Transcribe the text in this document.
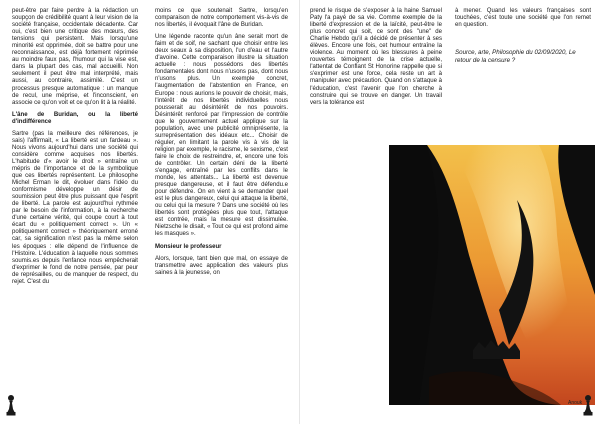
peut-être par faire perdre à la rédaction un soupçon de crédibilité quant à leur vision de la société française, occidentale décadente. Car oui, c'est bien une critique des mœurs, des tensions qui persistent. Mais lorsqu'une minorité est opprimée, doit se battre pour une reconnaissance, est déjà fortement réprimée au moindre faux pas, l'humour qui la vise est, dans la plupart des cas, mal accueilli. Non seulement il peut être mal interprété, mais aussi, au contraire, assimilé. C'est un processus presque automatique : un manque de recul, une méprise, et l'inconscient, en associe ce qu'on voit et ce qu'on lit à la réalité.

L'âne de Buridan, ou la liberté d'indifférence

Sartre (pas la meilleure des références, je sais) l'affirmait, « La liberté est un fardeau ». Nous vivons aujourd'hui dans une société qui considère comme acquises nos libertés. L'habitude d'« avoir le droit » entraîne un mépris de l'importance et de la symbolique que ces libertés représentent. Le philosophe Michel Erman le dit, évoluer dans l'idéo du conformisme développe un désir de soumission peut être plus puissant que l'esprit de liberté. La parole est aujourd'hui rythmée par le besoin de l'information, à la recherche d'une certaine vérité, qui coupe court à tout écart du « politiquement correct ». Un « politiquement correct » théoriquement erroné car, sa signification n'est pas la même selon les époques : elle dépend de l'influence de l'Histoire. L'éducation à laquelle nous sommes soumis.es depuis l'enfance nous empêcherait d'exprimer le fond de notre pensée, par peur de représailles, ou de manquer de respect, du rejet. C'est du

moins ce que soutenait Sartre, lorsqu'en comparaison de notre comportement vis-à-vis de nos libertés, il évoquait l'âne de Buridan.

Une légende raconte qu'un âne serait mort de faim et de soif, ne sachant que choisir entre les deux seaux à sa disposition, l'un d'eau et l'autre d'avoine. Cette comparaison illustre la situation actuelle : nous possédons des libertés fondamentales dont nous n'usons pas, dont nous n'usons plus. Un exemple concret, l'augmentation de l'abstention en France, en Europe : nous aurions le pouvoir de choisir, mais, l'intérêt de nos libertés individuelles nous pousserait au désintérêt de nos pouvoirs. Désintérêt renforcé par l'impression de contrôle que le gouvernement actuel applique sur la population, avec une publicité omniprésente, la surreprésentation des idéaux etc... Choisir de réguler, en limitant la parole vis à vis de la religion par exemple, le racisme, le sexisme, c'est faire le choix de restreindre, et, encore une fois de contrôler. Un certain déni de la liberté s'engage, entraîné par les conflits dans le monde, les attentats... La liberté est devenue presque dangereuse, et il faut être défendu.e pour défendre. On en vient à se demander quel est le plus dangereux, celui qui attaque la liberté, ou celui qui la mesure ? Dans une société où les libertés sont protégées plus que tout, l'attaque est contrée, mais la mesure est dissimulée. Nietzsche le disait, « Tout ce qui est profond aime les masques ».

Monsieur le professeur

Alors, lorsque, tant bien que mal, on essaye de transmettre avec application des valeurs plus saines à la jeunesse, on

prend le risque de s'exposer à la haine Samuel Paty l'a payé de sa vie. Comme exemple de la liberté d'expression et de la laïcité, peut-être le plus concret qui soit, ce sont des "une" de Charlie Hebdo qu'il a décidé de présenter à ses élèves. Encore une fois, cet humour entraîne la violence. Au moment où les blessures à peine rouvertes témoignent de la crise actuelle, l'attentat de Conflant St Honorine rappelle que si s'exprimer est une force, cela reste un art à manipuler avec précaution. Quand on s'attaque à l'éducation, c'est l'avenir que l'on cherche à construire qui se trouve en danger. Un travail vers la tolérance est

à mener. Quand les valeurs françaises sont touchées, c'est toute une société que l'on remet en question.

Source, arte, Philosophie du 02/09/2020, Le retour de la censure ?

Anouk
